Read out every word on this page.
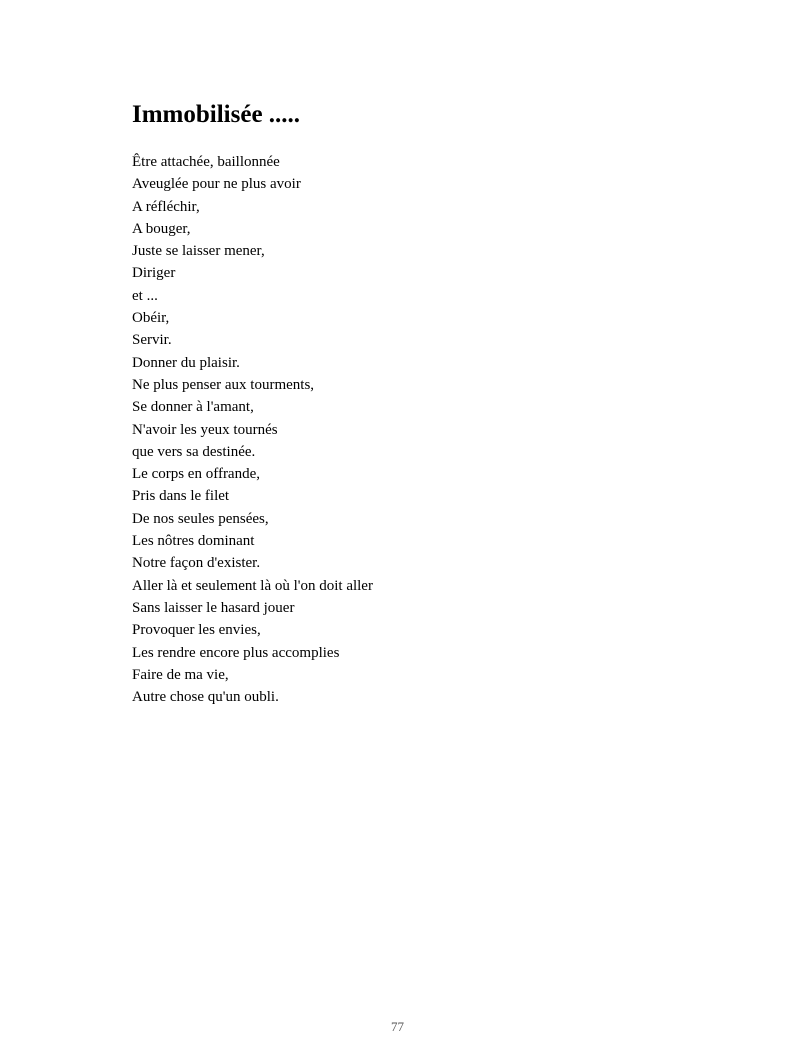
Immobilisée .....
Être attachée, baillonnée
Aveuglée pour ne plus avoir
A réfléchir,
A bouger,
Juste se laisser mener,
Diriger
et ...
Obéir,
Servir.
Donner du plaisir.
Ne plus penser aux tourments,
Se donner à l'amant,
N'avoir les yeux tournés
que vers sa destinée.
Le corps en offrande,
Pris dans le filet
De nos seules pensées,
Les nôtres dominant
Notre façon d'exister.
Aller là et seulement là où l'on doit aller
Sans laisser le hasard jouer
Provoquer les envies,
Les rendre encore plus accomplies
Faire de ma vie,
Autre chose qu'un oubli.
77
